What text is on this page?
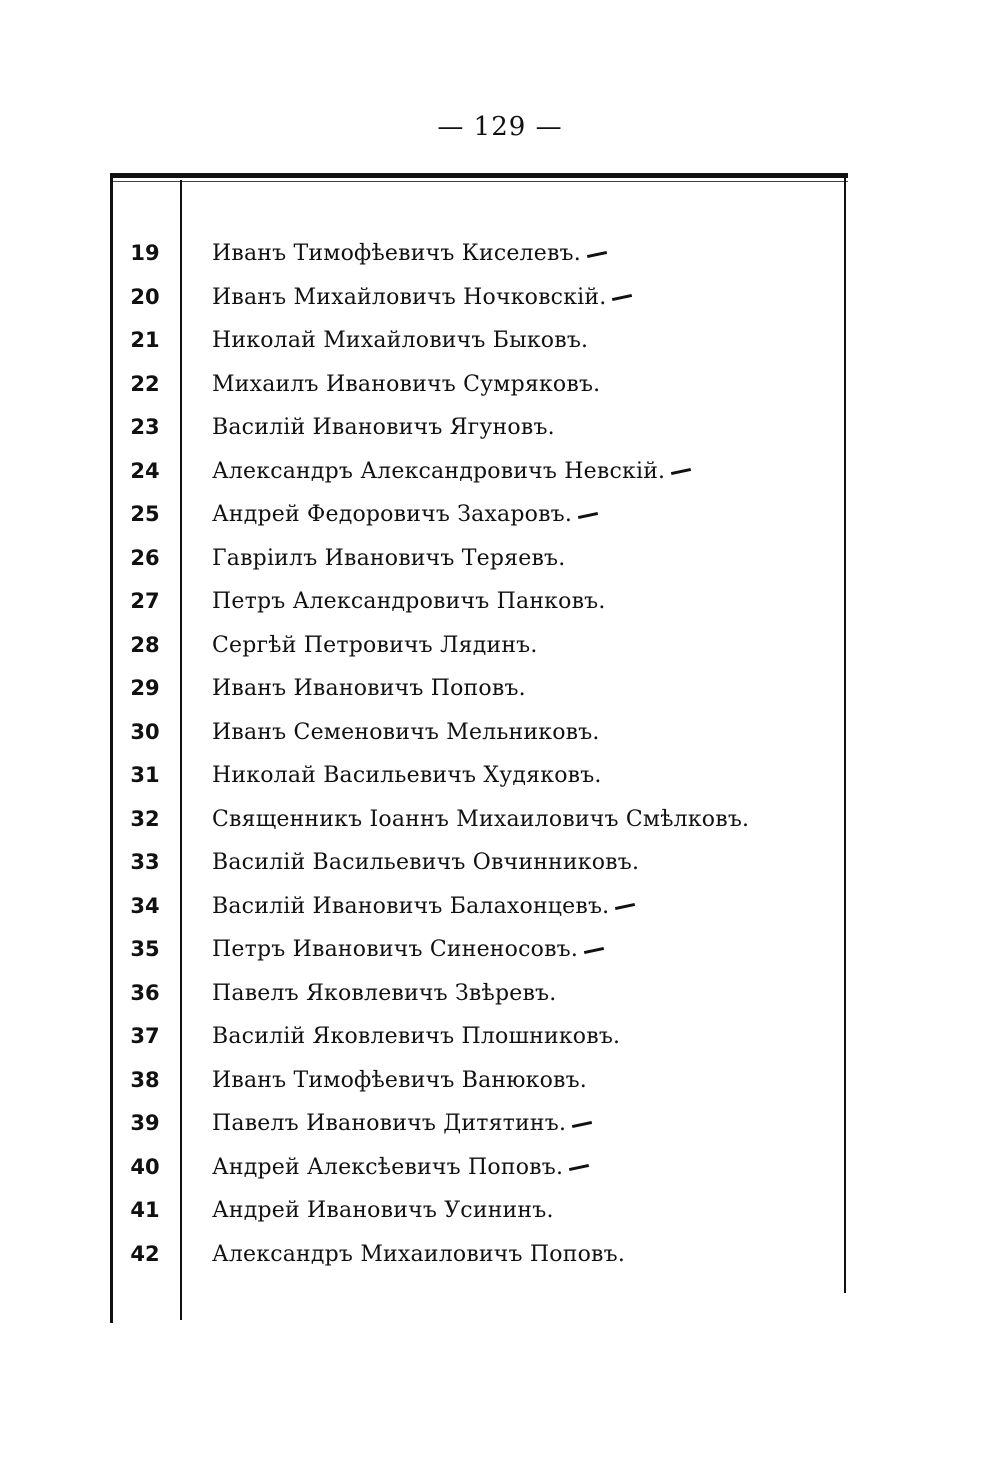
— 129 —
19	Иванъ Тимофѣевичъ Киселевъ.
20	Иванъ Михайловичъ Ночковскій.
21	Николай Михайловичъ Быковъ.
22	Михаилъ Ивановичъ Сумряковъ.
23	Василій Ивановичъ Ягуновъ.
24	Александръ Александровичъ Невскій.
25	Андрей Федоровичъ Захаровъ.
26	Гавріилъ Ивановичъ Теряевъ.
27	Петръ Александровичъ Панковъ.
28	Сергѣй Петровичъ Лядинъ.
29	Иванъ Ивановичъ Поповъ.
30	Иванъ Семеновичъ Мельниковъ.
31	Николай Васильевичъ Худяковъ.
32	Священникъ Іоаннъ Михаиловичъ Смѣлковъ.
33	Василій Васильевичъ Овчинниковъ.
34	Василій Ивановичъ Балахонцевъ.
35	Петръ Ивановичъ Синеносовъ.
36	Павелъ Яковлевичъ Звѣревъ.
37	Василій Яковлевичъ Плошниковъ.
38	Иванъ Тимофѣевичъ Ванюковъ.
39	Павелъ Ивановичъ Дитятинъ.
40	Андрей Алексѣевичъ Поповъ.
41	Андрей Ивановичъ Усининъ.
42	Александръ Михаиловичъ Поповъ.
